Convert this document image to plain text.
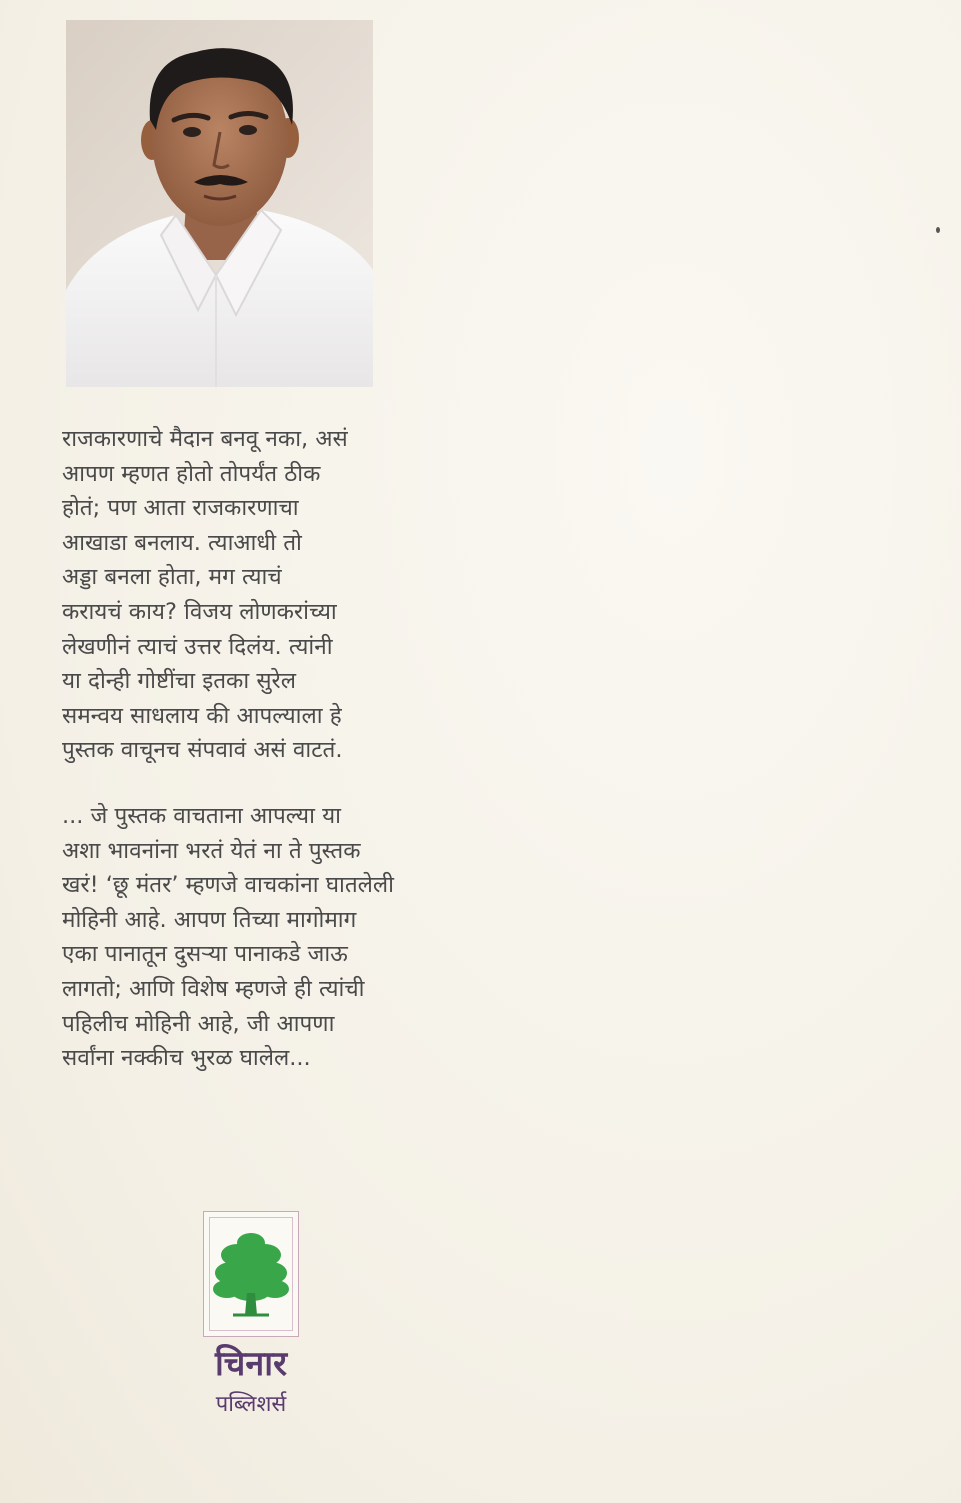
राजकारणाचे मैदान बनवू नका, असं
आपण म्हणत होतो तोपर्यंत ठीक
होतं; पण आता राजकारणाचा
आखाडा बनलाय. त्याआधी तो
अड्डा बनला होता, मग त्याचं
करायचं काय? विजय लोणकरांच्या
लेखणीनं त्याचं उत्तर दिलंय. त्यांनी
या दोन्ही गोष्टींचा इतका सुरेल
समन्वय साधलाय की आपल्याला हे
पुस्तक वाचूनच संपवावं असं वाटतं.
... जे पुस्तक वाचताना आपल्या या
अशा भावनांना भरतं येतं ना ते पुस्तक
खरं! ‘छू मंतर’ म्हणजे वाचकांना घातलेली
मोहिनी आहे. आपण तिच्या मागोमाग
एका पानातून दुसऱ्या पानाकडे जाऊ
लागतो; आणि विशेष म्हणजे ही त्यांची
पहिलीच मोहिनी आहे, जी आपणा
सर्वांना नक्कीच भुरळ घालेल...
चिनार
पब्लिशर्स
